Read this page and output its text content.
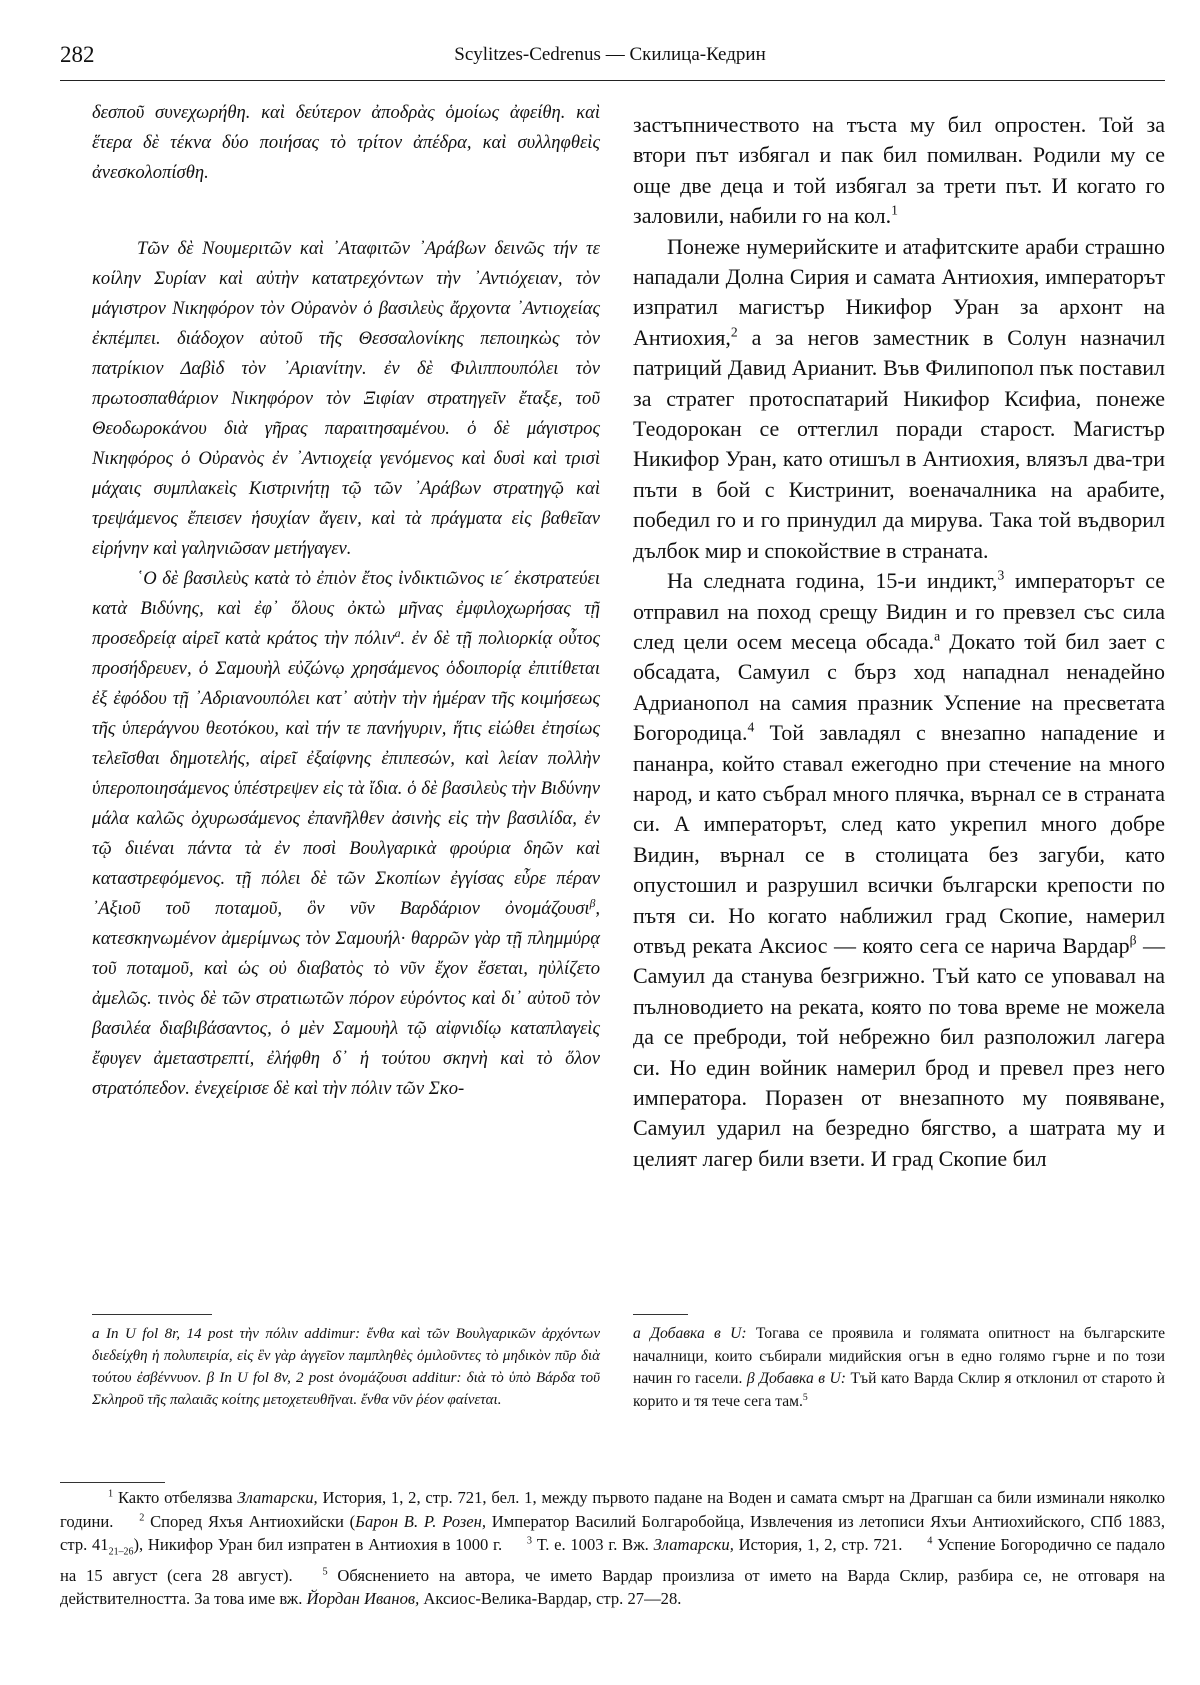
282	Scylitzes-Cedrenus — Скилица-Кедрин

δεσποῦ συνεχωρήθη. καὶ δεύτερον ἀποδρὰς ὁμοίως ἀφείθη. καὶ ἕτερα δὲ τέκνα δύο ποιήσας τὸ τρίτον ἀπέδρα, καὶ συλληφθεὶς ἀνεσκολοπίσθη.

Τῶν δὲ Νουμεριτῶν καὶ ᾿Αταφιτῶν ᾿Αράβων δεινῶς τήν τε κοίλην Συρίαν καὶ αὐτὴν κατατρεχόντων τὴν ᾿Αντιόχειαν, τὸν μάγιστρον Νικηφόρον τὸν Οὐρανὸν ὁ βασιλεὺς ἄρχοντα ᾿Αντιοχείας ἐκπέμπει. διάδοχον αὐτοῦ τῆς Θεσσαλονίκης πεποιηκὼς τὸν πατρίκιον Δαβὶδ τὸν ᾿Αριανίτην. ἐν δὲ Φιλιππουπόλει τὸν πρωτοσπαθάριον Νικηφόρον τὸν Ξιφίαν στρατηγεῖν ἔταξε, τοῦ Θεοδωροκάνου διὰ γῆρας παραιτησαμένου. ὁ δὲ μάγιστρος Νικηφόρος ὁ Οὐρανὸς ἐν ᾿Αντιοχείᾳ γενόμενος καὶ δυσὶ καὶ τρισὶ μάχαις συμπλακεὶς Κιστρινήτῃ τῷ τῶν ᾿Αράβων στρατηγῷ καὶ τρεψάμενος ἔπεισεν ἡσυχίαν ἄγειν, καὶ τὰ πράγματα εἰς βαθεῖαν εἰρήνην καὶ γαληνιῶσαν μετήγαγεν.

῾Ο δὲ βασιλεὺς κατὰ τὸ ἐπιὸν ἔτος ἰνδικτιῶνος ιε´ ἐκστρατεύει κατὰ Βιδύνης, καὶ ἐφ᾿ ὅλους ὀκτὼ μῆνας ἐμφιλοχωρήσας τῇ προσεδρείᾳ αἱρεῖ κατὰ κράτος τὴν πόλιν$^a$. ἐν δὲ τῇ πολιορκίᾳ οὗτος προσήδρευεν, ὁ Σαμουὴλ εὐζώνῳ χρησάμενος ὁδοιπορίᾳ ἐπιτίθεται ἐξ ἐφόδου τῇ ᾿Αδριανουπόλει κατ᾿ αὐτὴν τὴν ἡμέραν τῆς κοιμήσεως τῆς ὑπεράγνου θεοτόκου, καὶ τήν τε πανήγυριν, ἥτις εἰώθει ἐτησίως τελεῖσθαι δημοτελής, αἱρεῖ ἐξαίφνης ἐπιπεσών, καὶ λείαν πολλὴν ὑπεροποιησάμενος ὑπέστρεψεν εἰς τὰ ἴδια. ὁ δὲ βασιλεὺς τὴν Βιδύνην μάλα καλῶς ὀχυρωσάμενος ἐπανῆλθεν ἀσινὴς εἰς τὴν βασιλίδα, ἐν τῷ διιέναι πάντα τὰ ἐν ποσὶ Βουλγαρικὰ φρούρια δηῶν καὶ καταστρεφόμενος. τῇ πόλει δὲ τῶν Σκοπίων ἐγγίσας εὗρε πέραν ᾿Αξιοῦ τοῦ ποταμοῦ, ὃν νῦν Βαρδάριον ὀνομάζουσι$^\beta$, κατεσκηνωμένον ἀμερίμνως τὸν Σαμουήλ· θαρρῶν γὰρ τῇ πλημμύρᾳ τοῦ ποταμοῦ, καὶ ὡς οὐ διαβατὸς τὸ νῦν ἔχον ἔσεται, ηὐλίζετο ἀμελῶς. τινὸς δὲ τῶν στρατιωτῶν πόρον εὑρόντος καὶ δι᾿ αὐτοῦ τὸν βασιλέα διαβιβάσαντος, ὁ μὲν Σαμουὴλ τῷ αἰφνιδίῳ καταπλαγεὶς ἔφυγεν ἀμεταστρεπτί, ἐλήφθη δ᾿ ἡ τούτου σκηνὴ καὶ τὸ ὅλον στρατόπεδον. ἐνεχείρισε δὲ καὶ τὴν πόλιν τῶν Σκο-

застъпничеството на тъста му бил опростен. Той за втори път избягал и пак бил помилван. Родили му се още две деца и той избягал за трети път. И когато го заловили, набили го на кол.$^1$

Понеже нумерийските и атафитските араби страшно нападали Долна Сирия и самата Антиохия, императорът изпратил магистър Никифор Уран за архонт на Антиохия,$^2$ а за негов заместник в Солун назначил патриций Давид Арианит. Във Филипопол пък поставил за стратег протоспатарий Никифор Ксифиа, понеже Теодорокан се оттеглил поради старост. Магистър Никифор Уран, като отишъл в Антиохия, влязъл два-три пъти в бой с Кистринит, военачалника на арабите, победил го и го принудил да мирува. Така той въдворил дълбок мир и спокойствие в страната.

На следната година, 15-и индикт,$^3$ императорът се отправил на поход срещу Видин и го превзел със сила след цели осем месеца обсада.$^a$ Докато той бил зает с обсадата, Самуил с бърз ход нападнал ненадейно Адрианопол на самия празник Успение на пресветата Богородица.$^4$ Той завладял с внезапно нападение и пананра, който ставал ежегодно при стечение на много народ, и като събрал много плячка, върнал се в страната си. А императорът, след като укрепил много добре Видин, върнал се в столицата без загуби, като опустошил и разрушил всички български крепости по пътя си. Но когато наближил град Скопие, намерил отвъд реката Аксиос — която сега се нарича Вардар$^\beta$ — Самуил да станува безгрижно. Тъй като се уповавал на пълноводието на реката, която по това време не можела да се преброди, той небрежно бил разположил лагера си. Но един войник намерил брод и превел през него императора. Поразен от внезапното му появяване, Самуил ударил на безредно бягство, а шатрата му и целият лагер били взети. И град Скопие бил

a In U fol 8r, 14 post τὴν πόλιν addiтur: ἔνθα καὶ τῶν Βουλγαρικῶν ἀρχόντων διεδείχθη ἡ πολυπειρία, εἰς ἓν γὰρ ἀγγεῖον παμπληθὲς ὁμιλοῦντες τὸ μηδικὸν πῦρ διὰ τούτου ἐσβέννυον. β In U fol 8v, 2 post ὀνομάζουσι additur: διὰ τὸ ὑπὸ Βάρδα τοῦ Σκληροῦ τῆς παλαιᾶς κοίτης μετοχετευθῆναι. ἔνθα νῦν ῥέον φαίνεται.
a Добавка в U: Тогава се проявила и голямата опитност на българските началници, които събирали мидийския огън в едно голямо гърне и по този начин го гасели. β Добавка в U: Тъй като Варда Склир я отклонил от старото ѝ корито и тя тече сега там.$^5$

$^1$ Както отбелязва Златарски, История, 1, 2, стр. 721, бел. 1, между първото падане на Воден и самата смърт на Драгшан са били изминали няколко години.	$^2$ Според Яхъя Антиохийски (Барон В. Р. Розен, Император Василий Болгаробойца, Извлечения из летописи Яхъи Антиохийского, СПб 1883, стр. $41_{21-26}$), Никифор Уран бил изпратен в Антиохия в 1000 г. $^3$ Т. е. 1003 г. Вж. Златарски, История, 1, 2, стр. 721. $^4$ Успение Богородично се падало на 15 август (сега 28 август).	$^5$ Обяснението на автора, че името Вардар произлиза от името на Варда Склир, разбира се, не отговаря на действителността. За това име вж. Йордан Иванов, Аксиос-Велика-Вардар, стр. 27—28.
